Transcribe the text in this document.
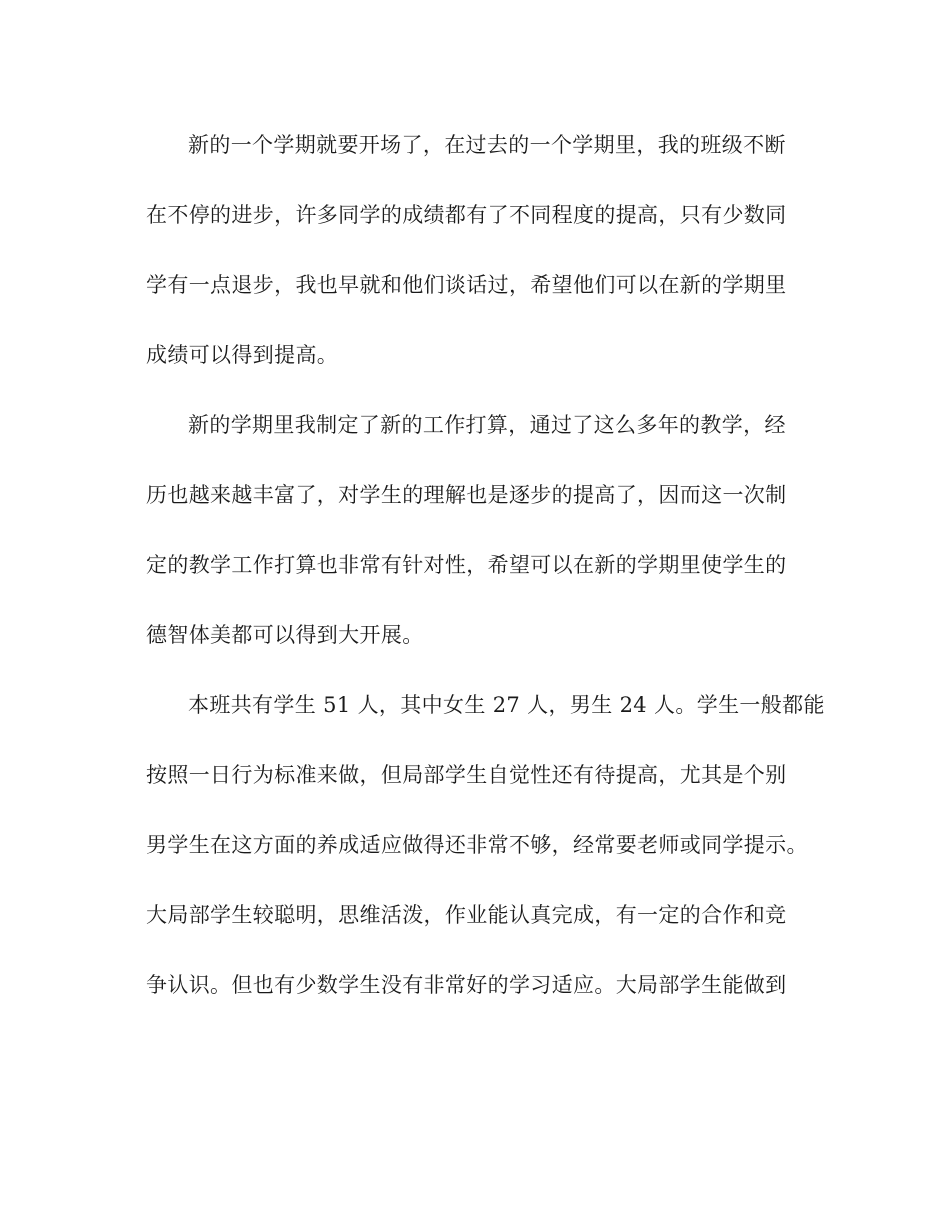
新的一个学期就要开场了，在过去的一个学期里，我的班级不断
在不停的进步，许多同学的成绩都有了不同程度的提高，只有少数同
学有一点退步，我也早就和他们谈话过，希望他们可以在新的学期里
成绩可以得到提高。
新的学期里我制定了新的工作打算，通过了这么多年的教学，经
历也越来越丰富了，对学生的理解也是逐步的提高了，因而这一次制
定的教学工作打算也非常有针对性，希望可以在新的学期里使学生的
德智体美都可以得到大开展。
本班共有学生 51 人，其中女生 27 人，男生 24 人。学生一般都能
按照一日行为标准来做，但局部学生自觉性还有待提高，尤其是个别
男学生在这方面的养成适应做得还非常不够，经常要老师或同学提示。
大局部学生较聪明，思维活泼，作业能认真完成，有一定的合作和竞
争认识。但也有少数学生没有非常好的学习适应。大局部学生能做到
